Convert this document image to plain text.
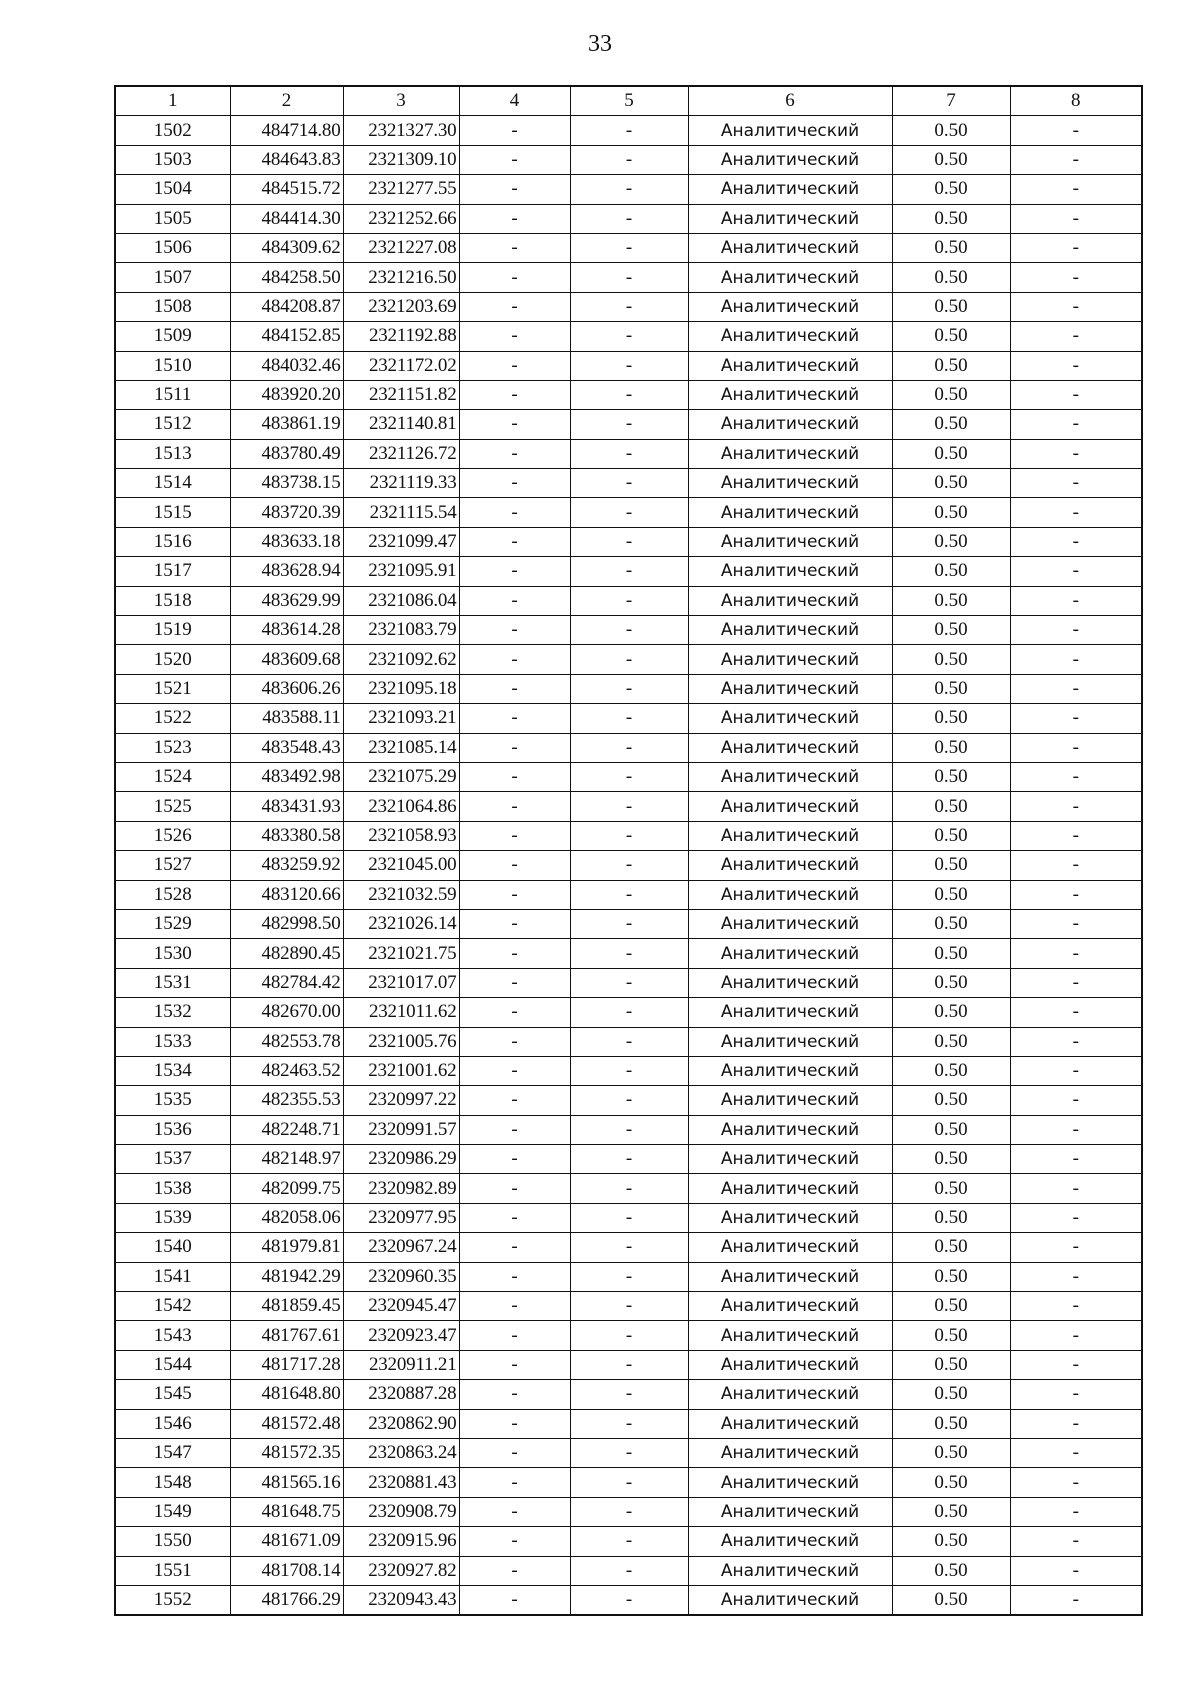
33
1	2	3	4	5	6	7	8
1502	484714.80	2321327.30	-	-	Аналитический	0.50	-
1503	484643.83	2321309.10	-	-	Аналитический	0.50	-
1504	484515.72	2321277.55	-	-	Аналитический	0.50	-
1505	484414.30	2321252.66	-	-	Аналитический	0.50	-
1506	484309.62	2321227.08	-	-	Аналитический	0.50	-
1507	484258.50	2321216.50	-	-	Аналитический	0.50	-
1508	484208.87	2321203.69	-	-	Аналитический	0.50	-
1509	484152.85	2321192.88	-	-	Аналитический	0.50	-
1510	484032.46	2321172.02	-	-	Аналитический	0.50	-
1511	483920.20	2321151.82	-	-	Аналитический	0.50	-
1512	483861.19	2321140.81	-	-	Аналитический	0.50	-
1513	483780.49	2321126.72	-	-	Аналитический	0.50	-
1514	483738.15	2321119.33	-	-	Аналитический	0.50	-
1515	483720.39	2321115.54	-	-	Аналитический	0.50	-
1516	483633.18	2321099.47	-	-	Аналитический	0.50	-
1517	483628.94	2321095.91	-	-	Аналитический	0.50	-
1518	483629.99	2321086.04	-	-	Аналитический	0.50	-
1519	483614.28	2321083.79	-	-	Аналитический	0.50	-
1520	483609.68	2321092.62	-	-	Аналитический	0.50	-
1521	483606.26	2321095.18	-	-	Аналитический	0.50	-
1522	483588.11	2321093.21	-	-	Аналитический	0.50	-
1523	483548.43	2321085.14	-	-	Аналитический	0.50	-
1524	483492.98	2321075.29	-	-	Аналитический	0.50	-
1525	483431.93	2321064.86	-	-	Аналитический	0.50	-
1526	483380.58	2321058.93	-	-	Аналитический	0.50	-
1527	483259.92	2321045.00	-	-	Аналитический	0.50	-
1528	483120.66	2321032.59	-	-	Аналитический	0.50	-
1529	482998.50	2321026.14	-	-	Аналитический	0.50	-
1530	482890.45	2321021.75	-	-	Аналитический	0.50	-
1531	482784.42	2321017.07	-	-	Аналитический	0.50	-
1532	482670.00	2321011.62	-	-	Аналитический	0.50	-
1533	482553.78	2321005.76	-	-	Аналитический	0.50	-
1534	482463.52	2321001.62	-	-	Аналитический	0.50	-
1535	482355.53	2320997.22	-	-	Аналитический	0.50	-
1536	482248.71	2320991.57	-	-	Аналитический	0.50	-
1537	482148.97	2320986.29	-	-	Аналитический	0.50	-
1538	482099.75	2320982.89	-	-	Аналитический	0.50	-
1539	482058.06	2320977.95	-	-	Аналитический	0.50	-
1540	481979.81	2320967.24	-	-	Аналитический	0.50	-
1541	481942.29	2320960.35	-	-	Аналитический	0.50	-
1542	481859.45	2320945.47	-	-	Аналитический	0.50	-
1543	481767.61	2320923.47	-	-	Аналитический	0.50	-
1544	481717.28	2320911.21	-	-	Аналитический	0.50	-
1545	481648.80	2320887.28	-	-	Аналитический	0.50	-
1546	481572.48	2320862.90	-	-	Аналитический	0.50	-
1547	481572.35	2320863.24	-	-	Аналитический	0.50	-
1548	481565.16	2320881.43	-	-	Аналитический	0.50	-
1549	481648.75	2320908.79	-	-	Аналитический	0.50	-
1550	481671.09	2320915.96	-	-	Аналитический	0.50	-
1551	481708.14	2320927.82	-	-	Аналитический	0.50	-
1552	481766.29	2320943.43	-	-	Аналитический	0.50	-
